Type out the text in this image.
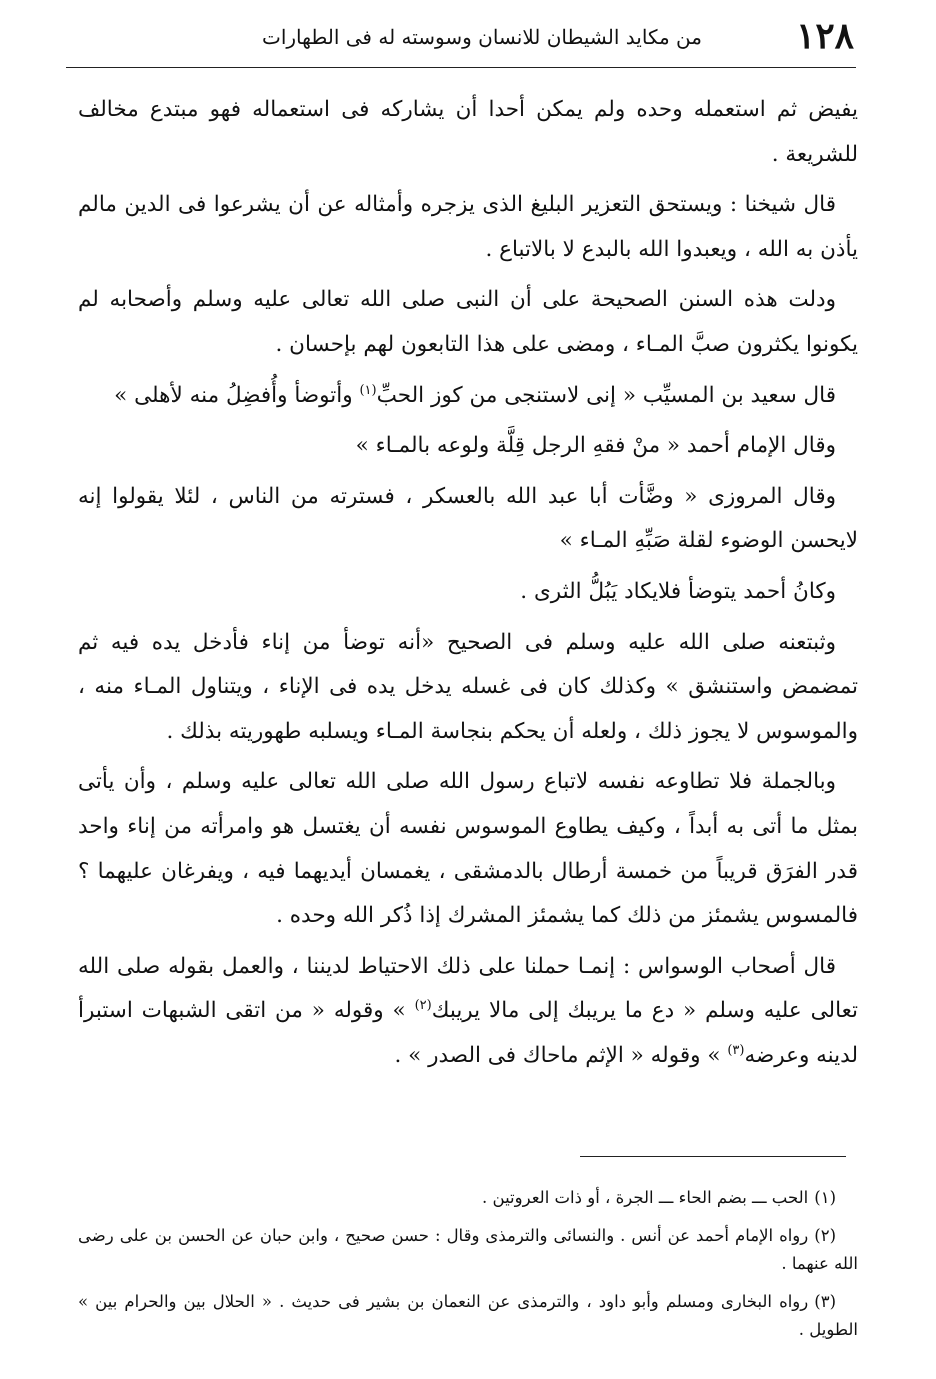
١٢٨
من مكايد الشيطان للانسان وسوسته له فى الطهارات

يفيض ثم استعمله وحده ولم يمكن أحدا أن يشاركه فى استعماله فهو مبتدع مخالف للشريعة .

قال شيخنا : ويستحق التعزير البليغ الذى يزجره وأمثاله عن أن يشرعوا فى الدين مالم يأذن به الله ، ويعبدوا الله بالبدع لا بالاتباع .

ودلت هذه السنن الصحيحة على أن النبى صلى الله تعالى عليه وسلم وأصحابه لم يكونوا يكثرون صبَّ المـاء ، ومضى على هذا التابعون لهم بإحسان .

قال سعيد بن المسيِّب « إنى لاستنجى من كوز الحبِّ$^{(١)}$ وأتوضأ وأُفضِلُ منه لأهلى »

وقال الإمام أحمد « منْ فقهِ الرجل قِلَّة ولوعه بالمـاء »

وقال المروزى « وضَّأت أبا عبد الله بالعسكر ، فسترته من الناس ، لئلا يقولوا إنه لايحسن الوضوء لقلة صَبِّهِ المـاء »

وكانُ أحمد يتوضأ فلايكاد يَبُلُّ الثرى .

وثبتعنه صلى الله عليه وسلم فى الصحيح «أنه توضأ من إناء فأدخل يده فيه ثم تمضمض واستنشق » وكذلك كان فى غسله يدخل يده فى الإناء ، ويتناول المـاء منه ، والموسوس لا يجوز ذلك ، ولعله أن يحكم بنجاسة المـاء ويسلبه طهوريته بذلك .

وبالجملة فلا تطاوعه نفسه لاتباع رسول الله صلى الله تعالى عليه وسلم ، وأن يأتى بمثل ما أتى به أبداً ، وكيف يطاوع الموسوس نفسه أن يغتسل هو وامرأته من إناء واحد قدر الفرَق قريباً من خمسة أرطال بالدمشقى ، يغمسان أيديهما فيه ، ويفرغان عليهما ؟ فالمسوس يشمئز من ذلك كما يشمئز المشرك إذا ذُكر الله وحده .

قال أصحاب الوسواس : إنمـا حملنا على ذلك الاحتياط لديننا ، والعمل بقوله صلى الله تعالى عليه وسلم « دع ما يريبك إلى مالا يريبك$^{(٢)}$ » وقوله « من اتقى الشبهات استبرأ لدينه وعرضه$^{(٣)}$ » وقوله « الإثم ماحاك فى الصدر » .

(١)الحب ـــ بضم الحاء ـــ الجرة ، أو ذات العروتين .

(٢)رواه الإمام أحمد عن أنس . والنسائى والترمذى وقال : حسن صحيح ، وابن حبان عن الحسن بن على رضى الله عنهما .

(٣)رواه البخارى ومسلم وأبو داود ، والترمذى عن النعمان بن بشير فى حديث . « الحلال بين والحرام بين » الطويل .
